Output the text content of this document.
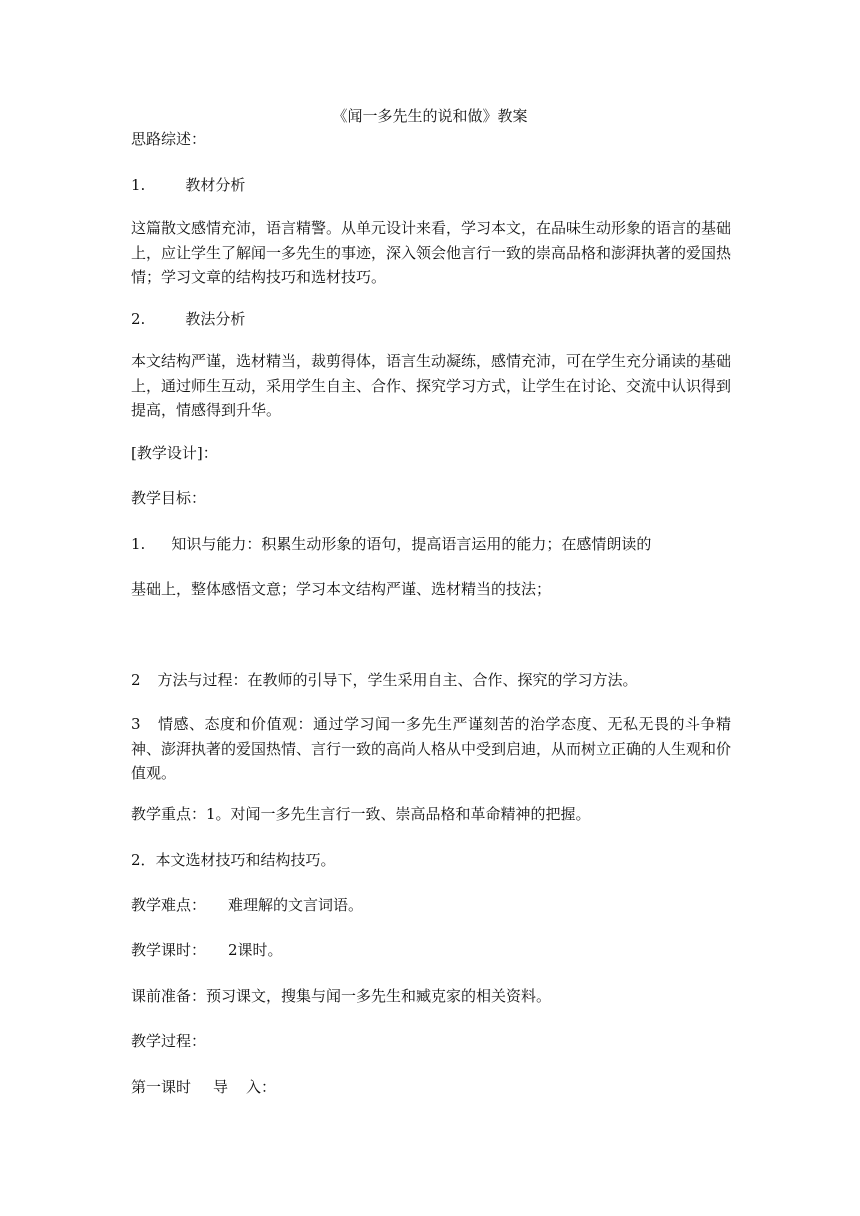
《闻一多先生的说和做》教案
思路综述：
1.	教材分析
这篇散文感情充沛，语言精警。从单元设计来看，学习本文，在品味生动形象的语言的基础上，应让学生了解闻一多先生的事迹，深入领会他言行一致的崇高品格和澎湃执著的爱国热情；学习文章的结构技巧和选材技巧。
2.	教法分析
本文结构严谨，选材精当，裁剪得体，语言生动凝练，感情充沛，可在学生充分诵读的基础上，通过师生互动，采用学生自主、合作、探究学习方式，让学生在讨论、交流中认识得到提高，情感得到升华。
[教学设计]：
教学目标：
1. 知识与能力：积累生动形象的语句，提高语言运用的能力；在感情朗读的
基础上，整体感悟文意；学习本文结构严谨、选材精当的技法；
2 方法与过程：在教师的引导下，学生采用自主、合作、探究的学习方法。
3 情感、态度和价值观：通过学习闻一多先生严谨刻苦的治学态度、无私无畏的斗争精神、澎湃执著的爱国热情、言行一致的高尚人格从中受到启迪，从而树立正确的人生观和价值观。
教学重点：1。对闻一多先生言行一致、崇高品格和革命精神的把握。
2．本文选材技巧和结构技巧。
教学难点： 难理解的文言词语。
教学课时： 2课时。
课前准备：预习课文，搜集与闻一多先生和臧克家的相关资料。
教学过程：
第一课时 导 入：
